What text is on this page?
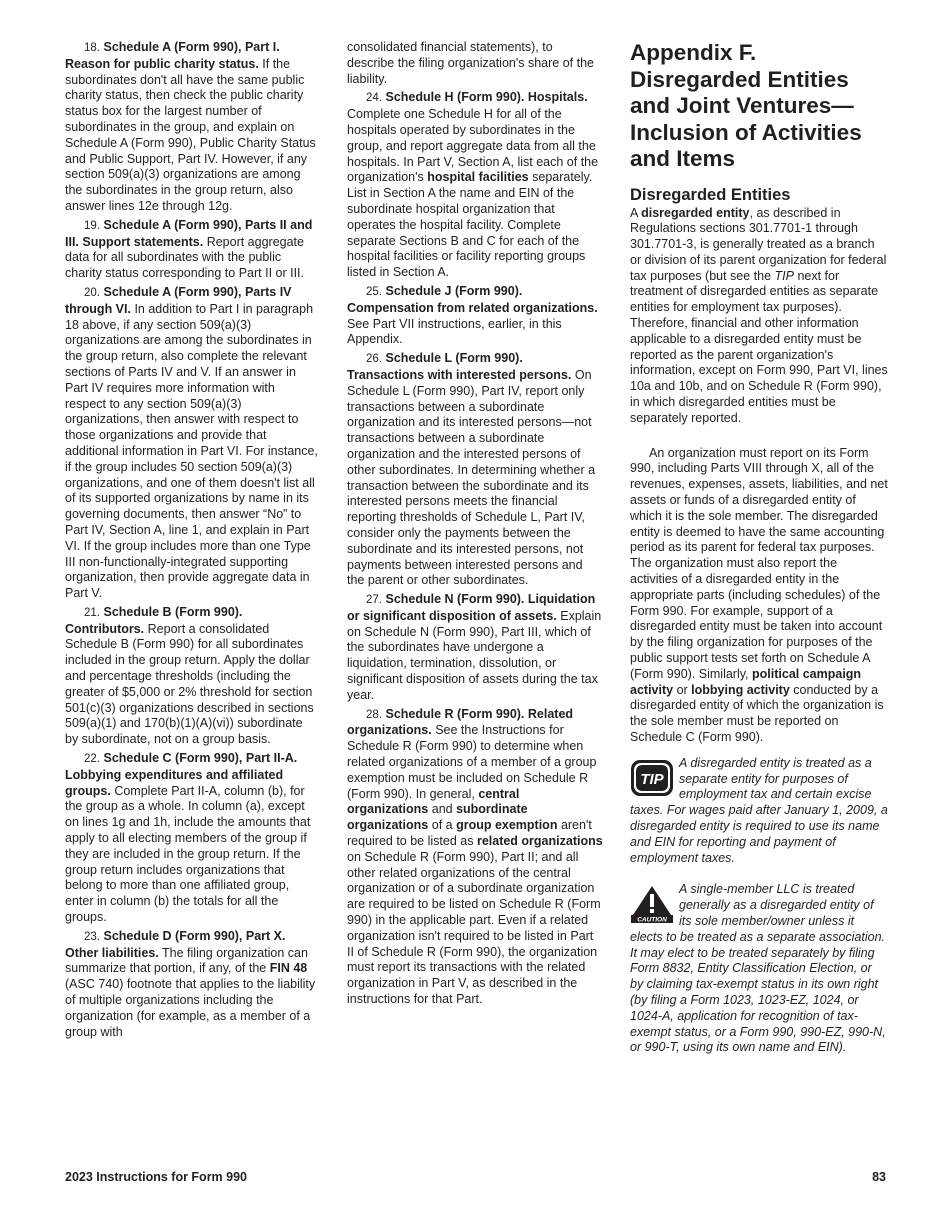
18. Schedule A (Form 990), Part I. Reason for public charity status. If the subordinates don't all have the same public charity status, then check the public charity status box for the largest number of subordinates in the group, and explain on Schedule A (Form 990), Public Charity Status and Public Support, Part IV. However, if any section 509(a)(3) organizations are among the subordinates in the group return, also answer lines 12e through 12g.

19. Schedule A (Form 990), Parts II and III. Support statements. Report aggregate data for all subordinates with the public charity status corresponding to Part II or III.

20. Schedule A (Form 990), Parts IV through VI. In addition to Part I in paragraph 18 above, if any section 509(a)(3) organizations are among the subordinates in the group return, also complete the relevant sections of Parts IV and V. If an answer in Part IV requires more information with respect to any section 509(a)(3) organizations, then answer with respect to those organizations and provide that additional information in Part VI. For instance, if the group includes 50 section 509(a)(3) organizations, and one of them doesn't list all of its supported organizations by name in its governing documents, then answer “No” to Part IV, Section A, line 1, and explain in Part VI. If the group includes more than one Type III non-functionally-integrated supporting organization, then provide aggregate data in Part V.

21. Schedule B (Form 990). Contributors. Report a consolidated Schedule B (Form 990) for all subordinates included in the group return. Apply the dollar and percentage thresholds (including the greater of $5,000 or 2% threshold for section 501(c)(3) organizations described in sections 509(a)(1) and 170(b)(1)(A)(vi)) subordinate by subordinate, not on a group basis.

22. Schedule C (Form 990), Part II-A. Lobbying expenditures and affiliated groups. Complete Part II-A, column (b), for the group as a whole. In column (a), except on lines 1g and 1h, include the amounts that apply to all electing members of the group if they are included in the group return. If the group return includes organizations that belong to more than one affiliated group, enter in column (b) the totals for all the groups.

23. Schedule D (Form 990), Part X. Other liabilities. The filing organization can summarize that portion, if any, of the FIN 48 (ASC 740) footnote that applies to the liability of multiple organizations including the organization (for example, as a member of a group with

consolidated financial statements), to describe the filing organization's share of the liability.

24. Schedule H (Form 990). Hospitals. Complete one Schedule H for all of the hospitals operated by subordinates in the group, and report aggregate data from all the hospitals. In Part V, Section A, list each of the organization's hospital facilities separately. List in Section A the name and EIN of the subordinate hospital organization that operates the hospital facility. Complete separate Sections B and C for each of the hospital facilities or facility reporting groups listed in Section A.

25. Schedule J (Form 990). Compensation from related organizations. See Part VII instructions, earlier, in this Appendix.

26. Schedule L (Form 990). Transactions with interested persons. On Schedule L (Form 990), Part IV, report only transactions between a subordinate organization and its interested persons—not transactions between a subordinate organization and the interested persons of other subordinates. In determining whether a transaction between the subordinate and its interested persons meets the financial reporting thresholds of Schedule L, Part IV, consider only the payments between the subordinate and its interested persons, not payments between interested persons and the parent or other subordinates.

27. Schedule N (Form 990). Liquidation or significant disposition of assets. Explain on Schedule N (Form 990), Part III, which of the subordinates have undergone a liquidation, termination, dissolution, or significant disposition of assets during the tax year.

28. Schedule R (Form 990). Related organizations. See the Instructions for Schedule R (Form 990) to determine when related organizations of a member of a group exemption must be included on Schedule R (Form 990). In general, central organizations and subordinate organizations of a group exemption aren't required to be listed as related organizations on Schedule R (Form 990), Part II; and all other related organizations of the central organization or of a subordinate organization are required to be listed on Schedule R (Form 990) in the applicable part. Even if a related organization isn't required to be listed in Part II of Schedule R (Form 990), the organization must report its transactions with the related organization in Part V, as described in the instructions for that Part.

Appendix F. Disregarded Entities and Joint Ventures—Inclusion of Activities and Items
Disregarded Entities

A disregarded entity, as described in Regulations sections 301.7701-1 through 301.7701-3, is generally treated as a branch or division of its parent organization for federal tax purposes (but see the TIP next for treatment of disregarded entities as separate entities for employment tax purposes). Therefore, financial and other information applicable to a disregarded entity must be reported as the parent organization's information, except on Form 990, Part VI, lines 10a and 10b, and on Schedule R (Form 990), in which disregarded entities must be separately reported.

An organization must report on its Form 990, including Parts VIII through X, all of the revenues, expenses, assets, liabilities, and net assets or funds of a disregarded entity of which it is the sole member. The disregarded entity is deemed to have the same accounting period as its parent for federal tax purposes. The organization must also report the activities of a disregarded entity in the appropriate parts (including schedules) of the Form 990. For example, support of a disregarded entity must be taken into account by the filing organization for purposes of the public support tests set forth on Schedule A (Form 990). Similarly, political campaign activity or lobbying activity conducted by a disregarded entity of which the organization is the sole member must be reported on Schedule C (Form 990).

TIP
A disregarded entity is treated as a separate entity for purposes of employment tax and certain excise taxes. For wages paid after January 1, 2009, a disregarded entity is required to use its name and EIN for reporting and payment of employment taxes.

CAUTION
A single-member LLC is treated generally as a disregarded entity of its sole member/owner unless it elects to be treated as a separate association. It may elect to be treated separately by filing Form 8832, Entity Classification Election, or by claiming tax-exempt status in its own right (by filing a Form 1023, 1023-EZ, 1024, or 1024-A, application for recognition of tax-exempt status, or a Form 990, 990-EZ, 990-N, or 990-T, using its own name and EIN).

2023 Instructions for Form 990	83
